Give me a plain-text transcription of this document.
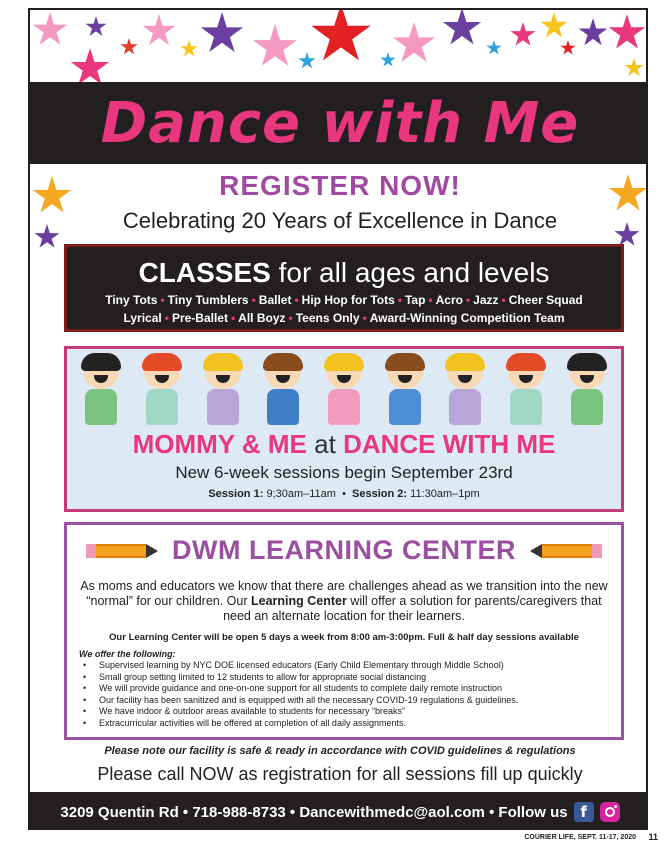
Dance with Me
REGISTER NOW!
Celebrating 20 Years of Excellence in Dance
CLASSES for all ages and levels
Tiny Tots • Tiny Tumblers • Ballet • Hip Hop for Tots • Tap • Acro • Jazz • Cheer Squad
Lyrical • Pre-Ballet • All Boyz • Teens Only • Award-Winning Competition Team
MOMMY & ME at DANCE WITH ME
New 6-week sessions begin September 23rd
Session 1: 9;30am–11am  •  Session 2: 11:30am–1pm
DWM LEARNING CENTER
As moms and educators we know that there are challenges ahead as we transition into the new “normal” for our children. Our Learning Center will offer a solution for parents/caregivers that need an alternate location for their learners.
Our Learning Center will be open 5 days a week from 8:00 am-3:00pm. Full & half day sessions available
We offer the following:
• Supervised learning by NYC DOE licensed educators (Early Child Elementary through Middle School)
• Small group setting limited to 12 students to allow for appropriate social distancing
• We will provide guidance and one-on-one support for all students to complete daily remote instruction
• Our facility has been sanitized and is equipped with all the necessary COVID-19 regulations & guidelines.
• We have indoor & outdoor areas available to students for necessary “breaks”
• Extracurricular activities will be offered at completion of all daily assignments.
Please note our facility is safe & ready in accordance with COVID guidelines & regulations
Please call NOW as registration for all sessions fill up quickly
3209 Quentin Rd • 718-988-8733 • Dancewithmedc@aol.com • Follow us f
COURIER LIFE, SEPT. 11-17, 2020 11
